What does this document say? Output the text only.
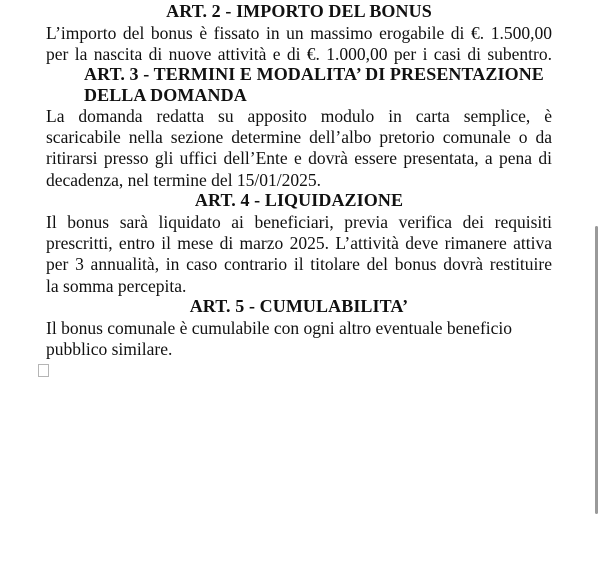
ART. 2 - IMPORTO DEL BONUS

L’importo del bonus è fissato in un massimo erogabile di €. 1.500,00
per la nascita di nuove attività e di €. 1.000,00 per i casi di subentro.

ART. 3 - TERMINI E MODALITA’ DI PRESENTAZIONE

DELLA DOMANDA

La domanda redatta su apposito modulo in carta semplice, è
scaricabile nella sezione determine dell’albo pretorio comunale o da
ritirarsi presso gli uffici dell’Ente e dovrà essere presentata, a pena di
decadenza, nel termine del 15/01/2025.

ART. 4 - LIQUIDAZIONE

Il bonus sarà liquidato ai beneficiari, previa verifica dei requisiti
prescritti, entro il mese di marzo 2025. L’attività deve rimanere attiva
per 3 annualità, in caso contrario il titolare del bonus dovrà restituire
la somma percepita.

ART. 5 - CUMULABILITA’

Il bonus comunale è cumulabile con ogni altro eventuale beneficio
pubblico similare.
